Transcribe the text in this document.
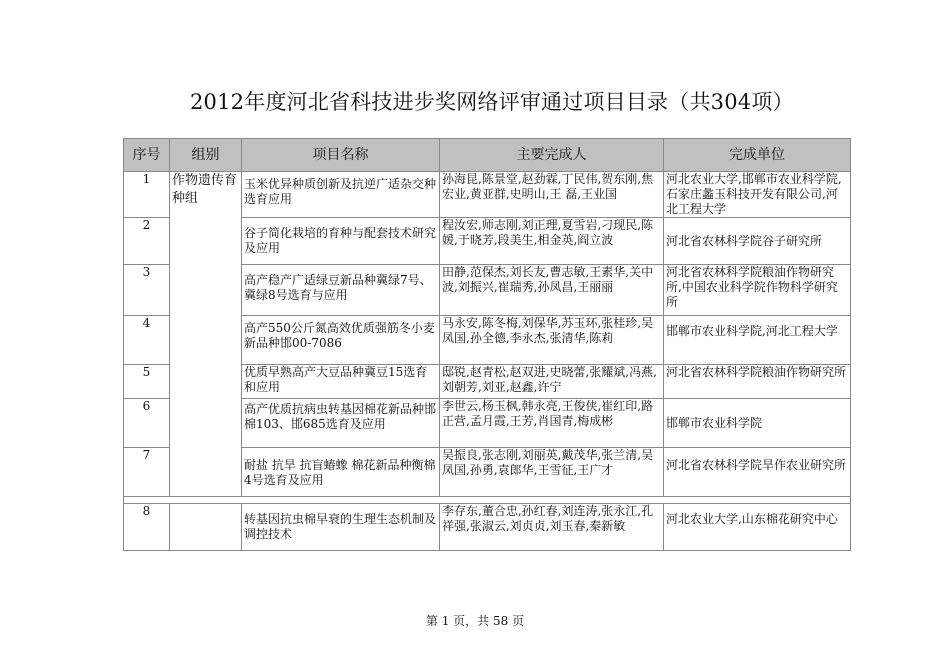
2012年度河北省科技进步奖网络评审通过项目目录（共304项）
序号	组别	项目名称	主要完成人	完成单位
1	作物遗传育种组	玉米优异种质创新及抗逆广适杂交种选育应用	孙海昆,陈景堂,赵劲霖,丁民伟,贺东刚,焦宏业,黄亚群,史明山,王 磊,王业国	河北农业大学,邯郸市农业科学院,石家庄蠡玉科技开发有限公司,河北工程大学
2		谷子简化栽培的育种与配套技术研究及应用	程汝宏,师志刚,刘正理,夏雪岩,刁现民,陈媛,于晓芳,段美生,相金英,阎立波	河北省农林科学院谷子研究所
3		高产稳产广适绿豆新品种冀绿7号、冀绿8号选育与应用	田静,范保杰,刘长友,曹志敏,王素华,关中波,刘振兴,崔瑞秀,孙凤昌,王丽丽	河北省农林科学院粮油作物研究所,中国农业科学院作物科学研究所
4		高产550公斤氮高效优质强筋冬小麦新品种邯00-7086	马永安,陈冬梅,刘保华,苏玉环,张桂珍,吴凤国,孙全德,李永杰,张清华,陈莉	邯郸市农业科学院,河北工程大学
5		优质早熟高产大豆品种冀豆15选育和应用	邸锐,赵青松,赵双进,史晓蕾,张耀斌,冯燕,刘朝芳,刘亚,赵鑫,许宁	河北省农林科学院粮油作物研究所
6		高产优质抗病虫转基因棉花新品种邯棉103、邯685选育及应用	李世云,杨玉枫,韩永亮,王俊侠,崔红印,路正营,孟月霞,王芳,肖国青,梅成彬	邯郸市农业科学院
7		耐盐 抗旱 抗盲蝽蟓 棉花新品种衡棉4号选育及应用	吴振良,张志刚,刘丽英,戴茂华,张兰清,吴凤国,孙勇,袁郎华,王雪征,王广才	河北省农林科学院旱作农业研究所

8		转基因抗虫棉早衰的生理生态机制及调控技术	李存东,董合忠,孙红春,刘连涛,张永江,孔祥强,张淑云,刘贞贞,刘玉春,秦新敏	河北农业大学,山东棉花研究中心
第 1 页，共 58 页
